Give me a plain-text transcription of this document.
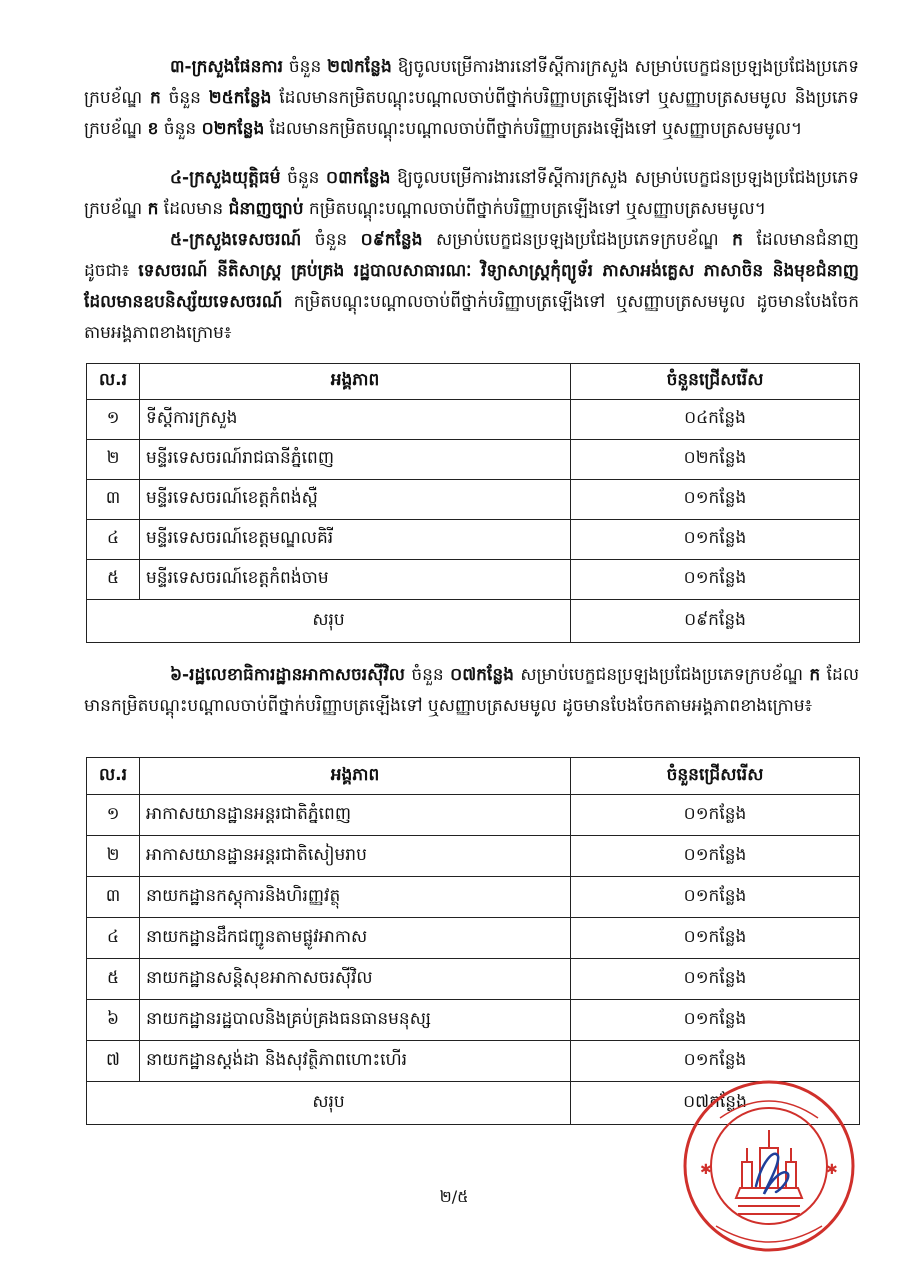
៣-ក្រសួងផែនការ ចំនួន ២៧កន្លែង ឱ្យចូលបម្រើការងារនៅទីស្តីការក្រសួង សម្រាប់បេក្ខជនប្រឡងប្រជែងប្រភេទក្របខ័ណ្ឌ ក ចំនួន ២៥កន្លែង ដែលមានកម្រិតបណ្តុះបណ្តាលចាប់ពីថ្នាក់បរិញ្ញាបត្រឡើងទៅ ឬសញ្ញាបត្រសមមូល និងប្រភេទក្របខ័ណ្ឌ ខ ចំនួន ០២កន្លែង ដែលមានកម្រិតបណ្តុះបណ្តាលចាប់ពីថ្នាក់បរិញ្ញាបត្ររងឡើងទៅ ឬសញ្ញាបត្រសមមូល។

៤-ក្រសួងយុត្តិធម៌ ចំនួន ០៣កន្លែង ឱ្យចូលបម្រើការងារនៅទីស្តីការក្រសួង សម្រាប់បេក្ខជនប្រឡងប្រជែងប្រភេទក្របខ័ណ្ឌ ក ដែលមាន ជំនាញច្បាប់ កម្រិតបណ្តុះបណ្តាលចាប់ពីថ្នាក់បរិញ្ញាបត្រឡើងទៅ ឬសញ្ញាបត្រសមមូល។

៥-ក្រសួងទេសចរណ៍ ចំនួន ០៩កន្លែង សម្រាប់បេក្ខជនប្រឡងប្រជែងប្រភេទក្របខ័ណ្ឌ ក ដែលមានជំនាញដូចជា៖ ទេសចរណ៍ នីតិសាស្ត្រ គ្រប់គ្រង រដ្ឋបាលសាធារណៈ វិទ្យាសាស្ត្រកុំព្យូទ័រ ភាសាអង់គ្លេស ភាសាចិន និងមុខជំនាញដែលមានឧបនិស្ស័យទេសចរណ៍ កម្រិតបណ្តុះបណ្តាលចាប់ពីថ្នាក់បរិញ្ញាបត្រឡើងទៅ ឬសញ្ញាបត្រសមមូល ដូចមានបែងចែកតាមអង្គភាពខាងក្រោម៖

ល.រ	អង្គភាព	ចំនួនជ្រើសរើស
១	ទីស្តីការក្រសួង	០៤កន្លែង
២	មន្ទីរទេសចរណ៍រាជធានីភ្នំពេញ	០២កន្លែង
៣	មន្ទីរទេសចរណ៍ខេត្តកំពង់ស្ពឺ	០១កន្លែង
៤	មន្ទីរទេសចរណ៍ខេត្តមណ្ឌលគិរី	០១កន្លែង
៥	មន្ទីរទេសចរណ៍ខេត្តកំពង់ចាម	០១កន្លែង
សរុប		០៩កន្លែង

៦-រដ្ឋលេខាធិការដ្ឋានអាកាសចរស៊ីវិល ចំនួន ០៧កន្លែង សម្រាប់បេក្ខជនប្រឡងប្រជែងប្រភេទក្របខ័ណ្ឌ ក ដែលមានកម្រិតបណ្តុះបណ្តាលចាប់ពីថ្នាក់បរិញ្ញាបត្រឡើងទៅ ឬសញ្ញាបត្រសមមូល ដូចមានបែងចែកតាមអង្គភាពខាងក្រោម៖

ល.រ	អង្គភាព	ចំនួនជ្រើសរើស
១	អាកាសយានដ្ឋានអន្តរជាតិភ្នំពេញ	០១កន្លែង
២	អាកាសយានដ្ឋានអន្តរជាតិសៀមរាប	០១កន្លែង
៣	នាយកដ្ឋានកស្តុការនិងហិរញ្ញវត្ថុ	០១កន្លែង
៤	នាយកដ្ឋានដឹកជញ្ជូនតាមផ្លូវអាកាស	០១កន្លែង
៥	នាយកដ្ឋានសន្តិសុខអាកាសចរស៊ីវិល	០១កន្លែង
៦	នាយកដ្ឋានរដ្ឋបាលនិងគ្រប់គ្រងធនធានមនុស្ស	០១កន្លែង
៧	នាយកដ្ឋានស្តង់ដា និងសុវត្ថិភាពហោះហើរ	០១កន្លែង
សរុប		០៧កន្លែង
២/៥
✱	✱
